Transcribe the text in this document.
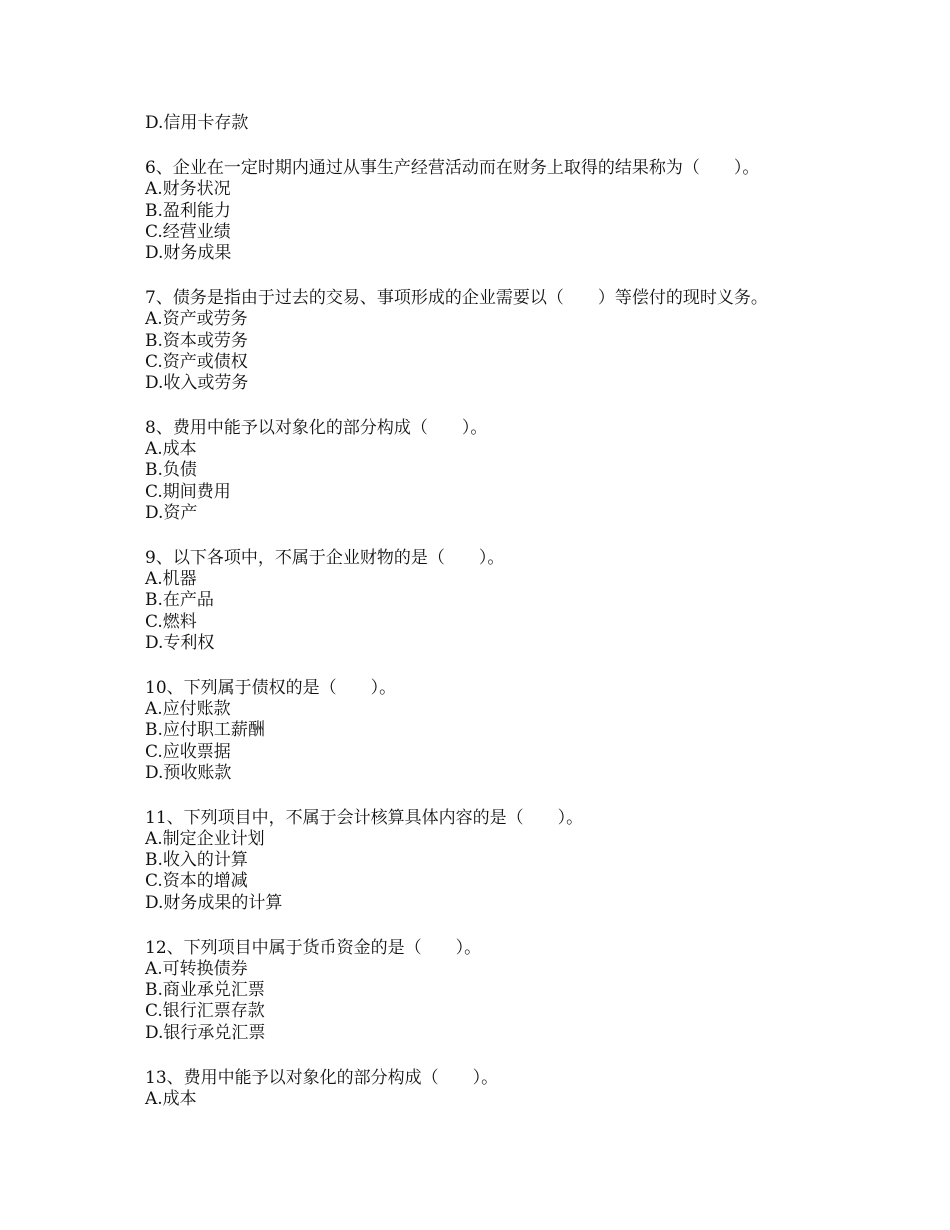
D.信用卡存款
6、企业在一定时期内通过从事生产经营活动而在财务上取得的结果称为（　　）。
A.财务状况
B.盈利能力
C.经营业绩
D.财务成果
7、债务是指由于过去的交易、事项形成的企业需要以（　　）等偿付的现时义务。
A.资产或劳务
B.资本或劳务
C.资产或债权
D.收入或劳务
8、费用中能予以对象化的部分构成（　　）。
A.成本
B.负债
C.期间费用
D.资产
9、以下各项中，不属于企业财物的是（　　）。
A.机器
B.在产品
C.燃料
D.专利权
10、下列属于债权的是（　　）。
A.应付账款
B.应付职工薪酬
C.应收票据
D.预收账款
11、下列项目中，不属于会计核算具体内容的是（　　）。
A.制定企业计划
B.收入的计算
C.资本的增减
D.财务成果的计算
12、下列项目中属于货币资金的是（　　）。
A.可转换债券
B.商业承兑汇票
C.银行汇票存款
D.银行承兑汇票
13、费用中能予以对象化的部分构成（　　）。
A.成本
